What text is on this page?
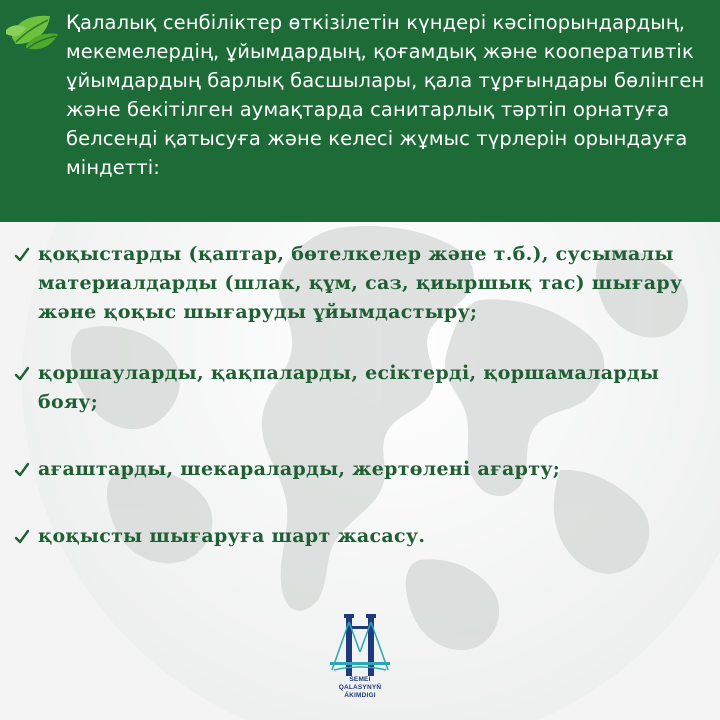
Қалалық сенбіліктер өткізілетін күндері кәсіпорындардың, мекемелердің, ұйымдардың, қоғамдық және кооперативтік ұйымдардың барлық басшылары, қала тұрғындары бөлінген және бекітілген аумақтарда санитарлық тәртіп орнатуға белсенді қатысуға және келесі жұмыс түрлерін орындауға міндетті:
қоқыстарды (қаптар, бөтелкелер және т.б.), сусымалы материалдарды (шлак, құм, саз, қиыршық тас) шығару және қоқыс шығаруды ұйымдастыру;
қоршауларды, қақпаларды, есіктерді, қоршамаларды бояу;
ағаштарды, шекараларды, жертөлені ағарту;
қоқысты шығаруға шарт жасасу.
SEMEI
QALASYNYŃ
ÁKIMDIGI
